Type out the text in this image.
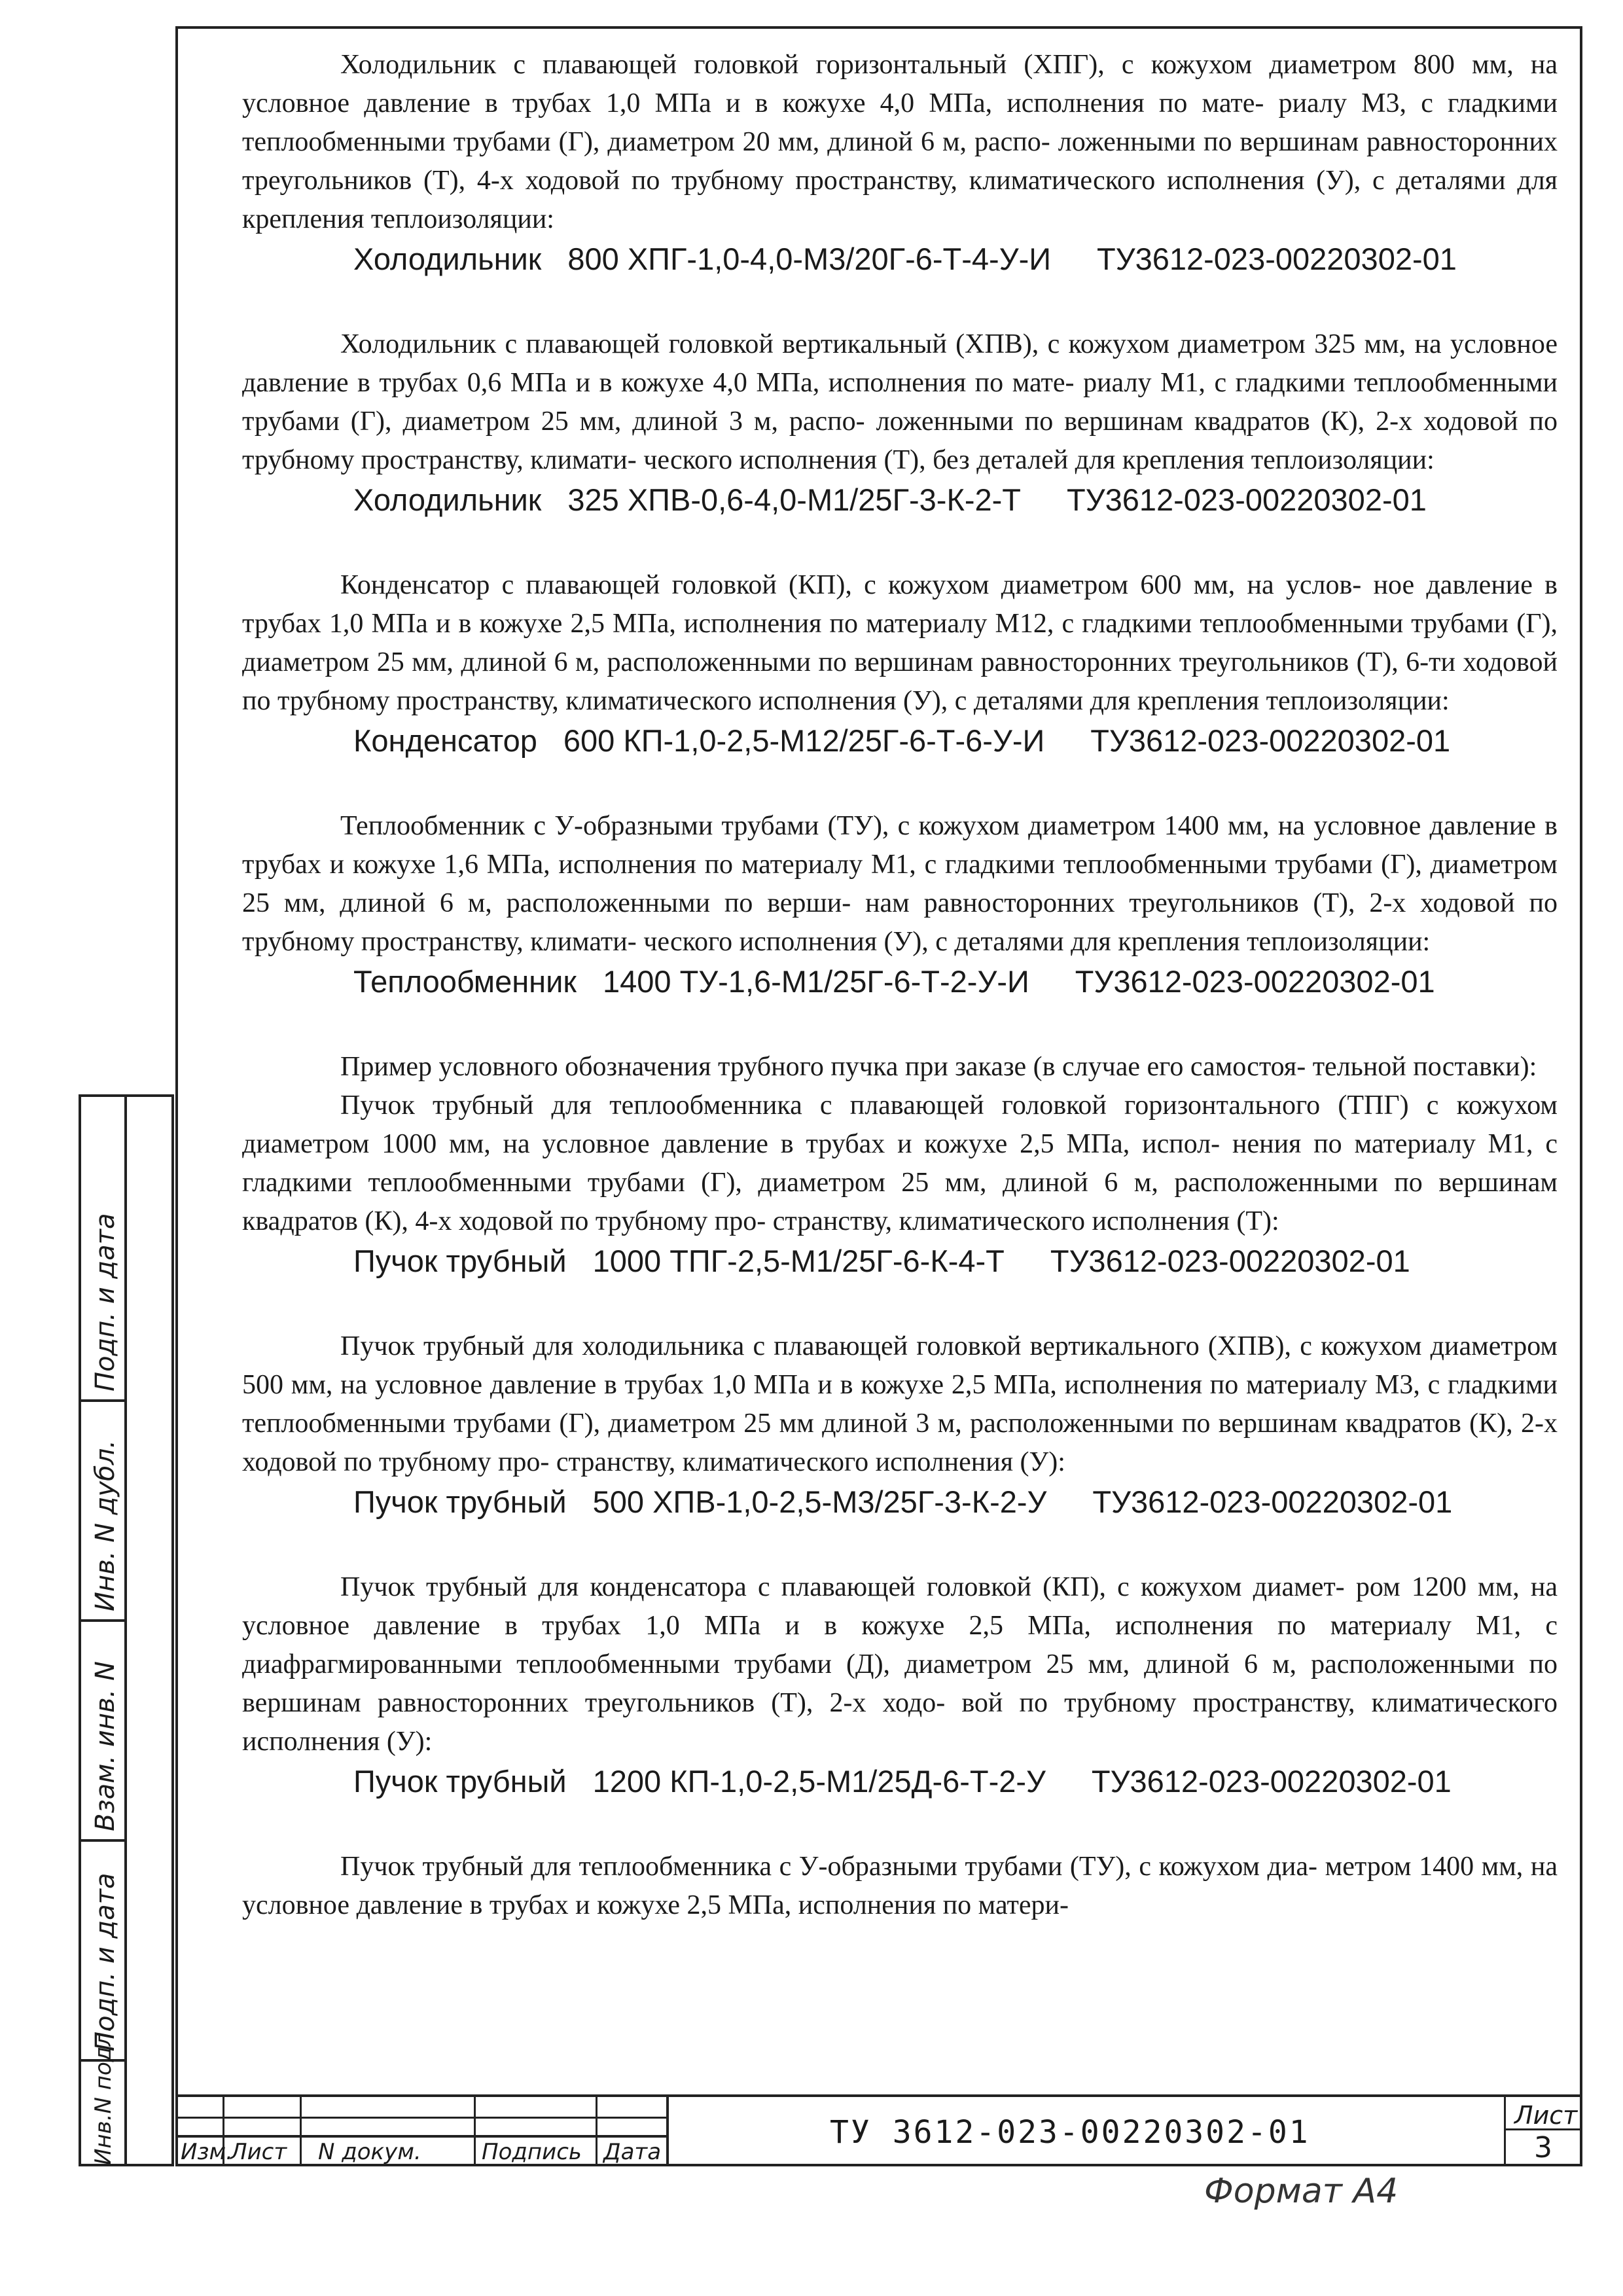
Холодильник с плавающей головкой горизонтальный (ХПГ), с кожухом диаметром 800 мм, на условное давление в трубах 1,0 МПа и в кожухе 4,0 МПа, исполнения по мате- риалу М3, с гладкими теплообменными трубами (Г), диаметром 20 мм, длиной 6 м, распо- ложенными по вершинам равносторонних треугольников (Т), 4-х ходовой по трубному пространству, климатического исполнения (У), с деталями для крепления теплоизоляции:

Холодильник 800 ХПГ-1,0-4,0-М3/20Г-6-Т-4-У-И ТУ3612-023-00220302-01

Холодильник с плавающей головкой вертикальный (ХПВ), с кожухом диаметром 325 мм, на условное давление в трубах 0,6 МПа и в кожухе 4,0 МПа, исполнения по мате- риалу М1, с гладкими теплообменными трубами (Г), диаметром 25 мм, длиной 3 м, распо- ложенными по вершинам квадратов (К), 2-х ходовой по трубному пространству, климати- ческого исполнения (Т), без деталей для крепления теплоизоляции:

Холодильник 325 ХПВ-0,6-4,0-М1/25Г-3-К-2-Т ТУ3612-023-00220302-01

Конденсатор с плавающей головкой (КП), с кожухом диаметром 600 мм, на услов- ное давление в трубах 1,0 МПа и в кожухе 2,5 МПа, исполнения по материалу М12, с гладкими теплообменными трубами (Г), диаметром 25 мм, длиной 6 м, расположенными по вершинам равносторонних треугольников (Т), 6-ти ходовой по трубному пространству, климатического исполнения (У), с деталями для крепления теплоизоляции:

Конденсатор 600 КП-1,0-2,5-М12/25Г-6-Т-6-У-И ТУ3612-023-00220302-01

Теплообменник с У-образными трубами (ТУ), с кожухом диаметром 1400 мм, на условное давление в трубах и кожухе 1,6 МПа, исполнения по материалу М1, с гладкими теплообменными трубами (Г), диаметром 25 мм, длиной 6 м, расположенными по верши- нам равносторонних треугольников (Т), 2-х ходовой по трубному пространству, климати- ческого исполнения (У), с деталями для крепления теплоизоляции:

Теплообменник 1400 ТУ-1,6-М1/25Г-6-Т-2-У-И ТУ3612-023-00220302-01

Пример условного обозначения трубного пучка при заказе (в случае его самостоя- тельной поставки):

Пучок трубный для теплообменника с плавающей головкой горизонтального (ТПГ) с кожухом диаметром 1000 мм, на условное давление в трубах и кожухе 2,5 МПа, испол- нения по материалу М1, с гладкими теплообменными трубами (Г), диаметром 25 мм, длиной 6 м, расположенными по вершинам квадратов (К), 4-х ходовой по трубному про- странству, климатического исполнения (Т):

Пучок трубный 1000 ТПГ-2,5-М1/25Г-6-К-4-Т ТУ3612-023-00220302-01

Пучок трубный для холодильника с плавающей головкой вертикального (ХПВ), с кожухом диаметром 500 мм, на условное давление в трубах 1,0 МПа и в кожухе 2,5 МПа, исполнения по материалу М3, с гладкими теплообменными трубами (Г), диаметром 25 мм длиной 3 м, расположенными по вершинам квадратов (К), 2-х ходовой по трубному про- странству, климатического исполнения (У):

Пучок трубный 500 ХПВ-1,0-2,5-М3/25Г-3-К-2-У ТУ3612-023-00220302-01

Пучок трубный для конденсатора с плавающей головкой (КП), с кожухом диамет- ром 1200 мм, на условное давление в трубах 1,0 МПа и в кожухе 2,5 МПа, исполнения по материалу М1, с диафрагмированными теплообменными трубами (Д), диаметром 25 мм, длиной 6 м, расположенными по вершинам равносторонних треугольников (Т), 2-х ходо- вой по трубному пространству, климатического исполнения (У):

Пучок трубный 1200 КП-1,0-2,5-М1/25Д-6-Т-2-У ТУ3612-023-00220302-01

Пучок трубный для теплообменника с У-образными трубами (ТУ), с кожухом диа- метром 1400 мм, на условное давление в трубах и кожухе 2,5 МПа, исполнения по матери-

Подп. и дата
Инв. N дубл.
Взам. инв. N
Подп. и дата
Инв.N подл.	Изм.
Лист N докум.	Подпись Дата
ТУ 3612-023-00220302-01	Лист
3
Формат А4
